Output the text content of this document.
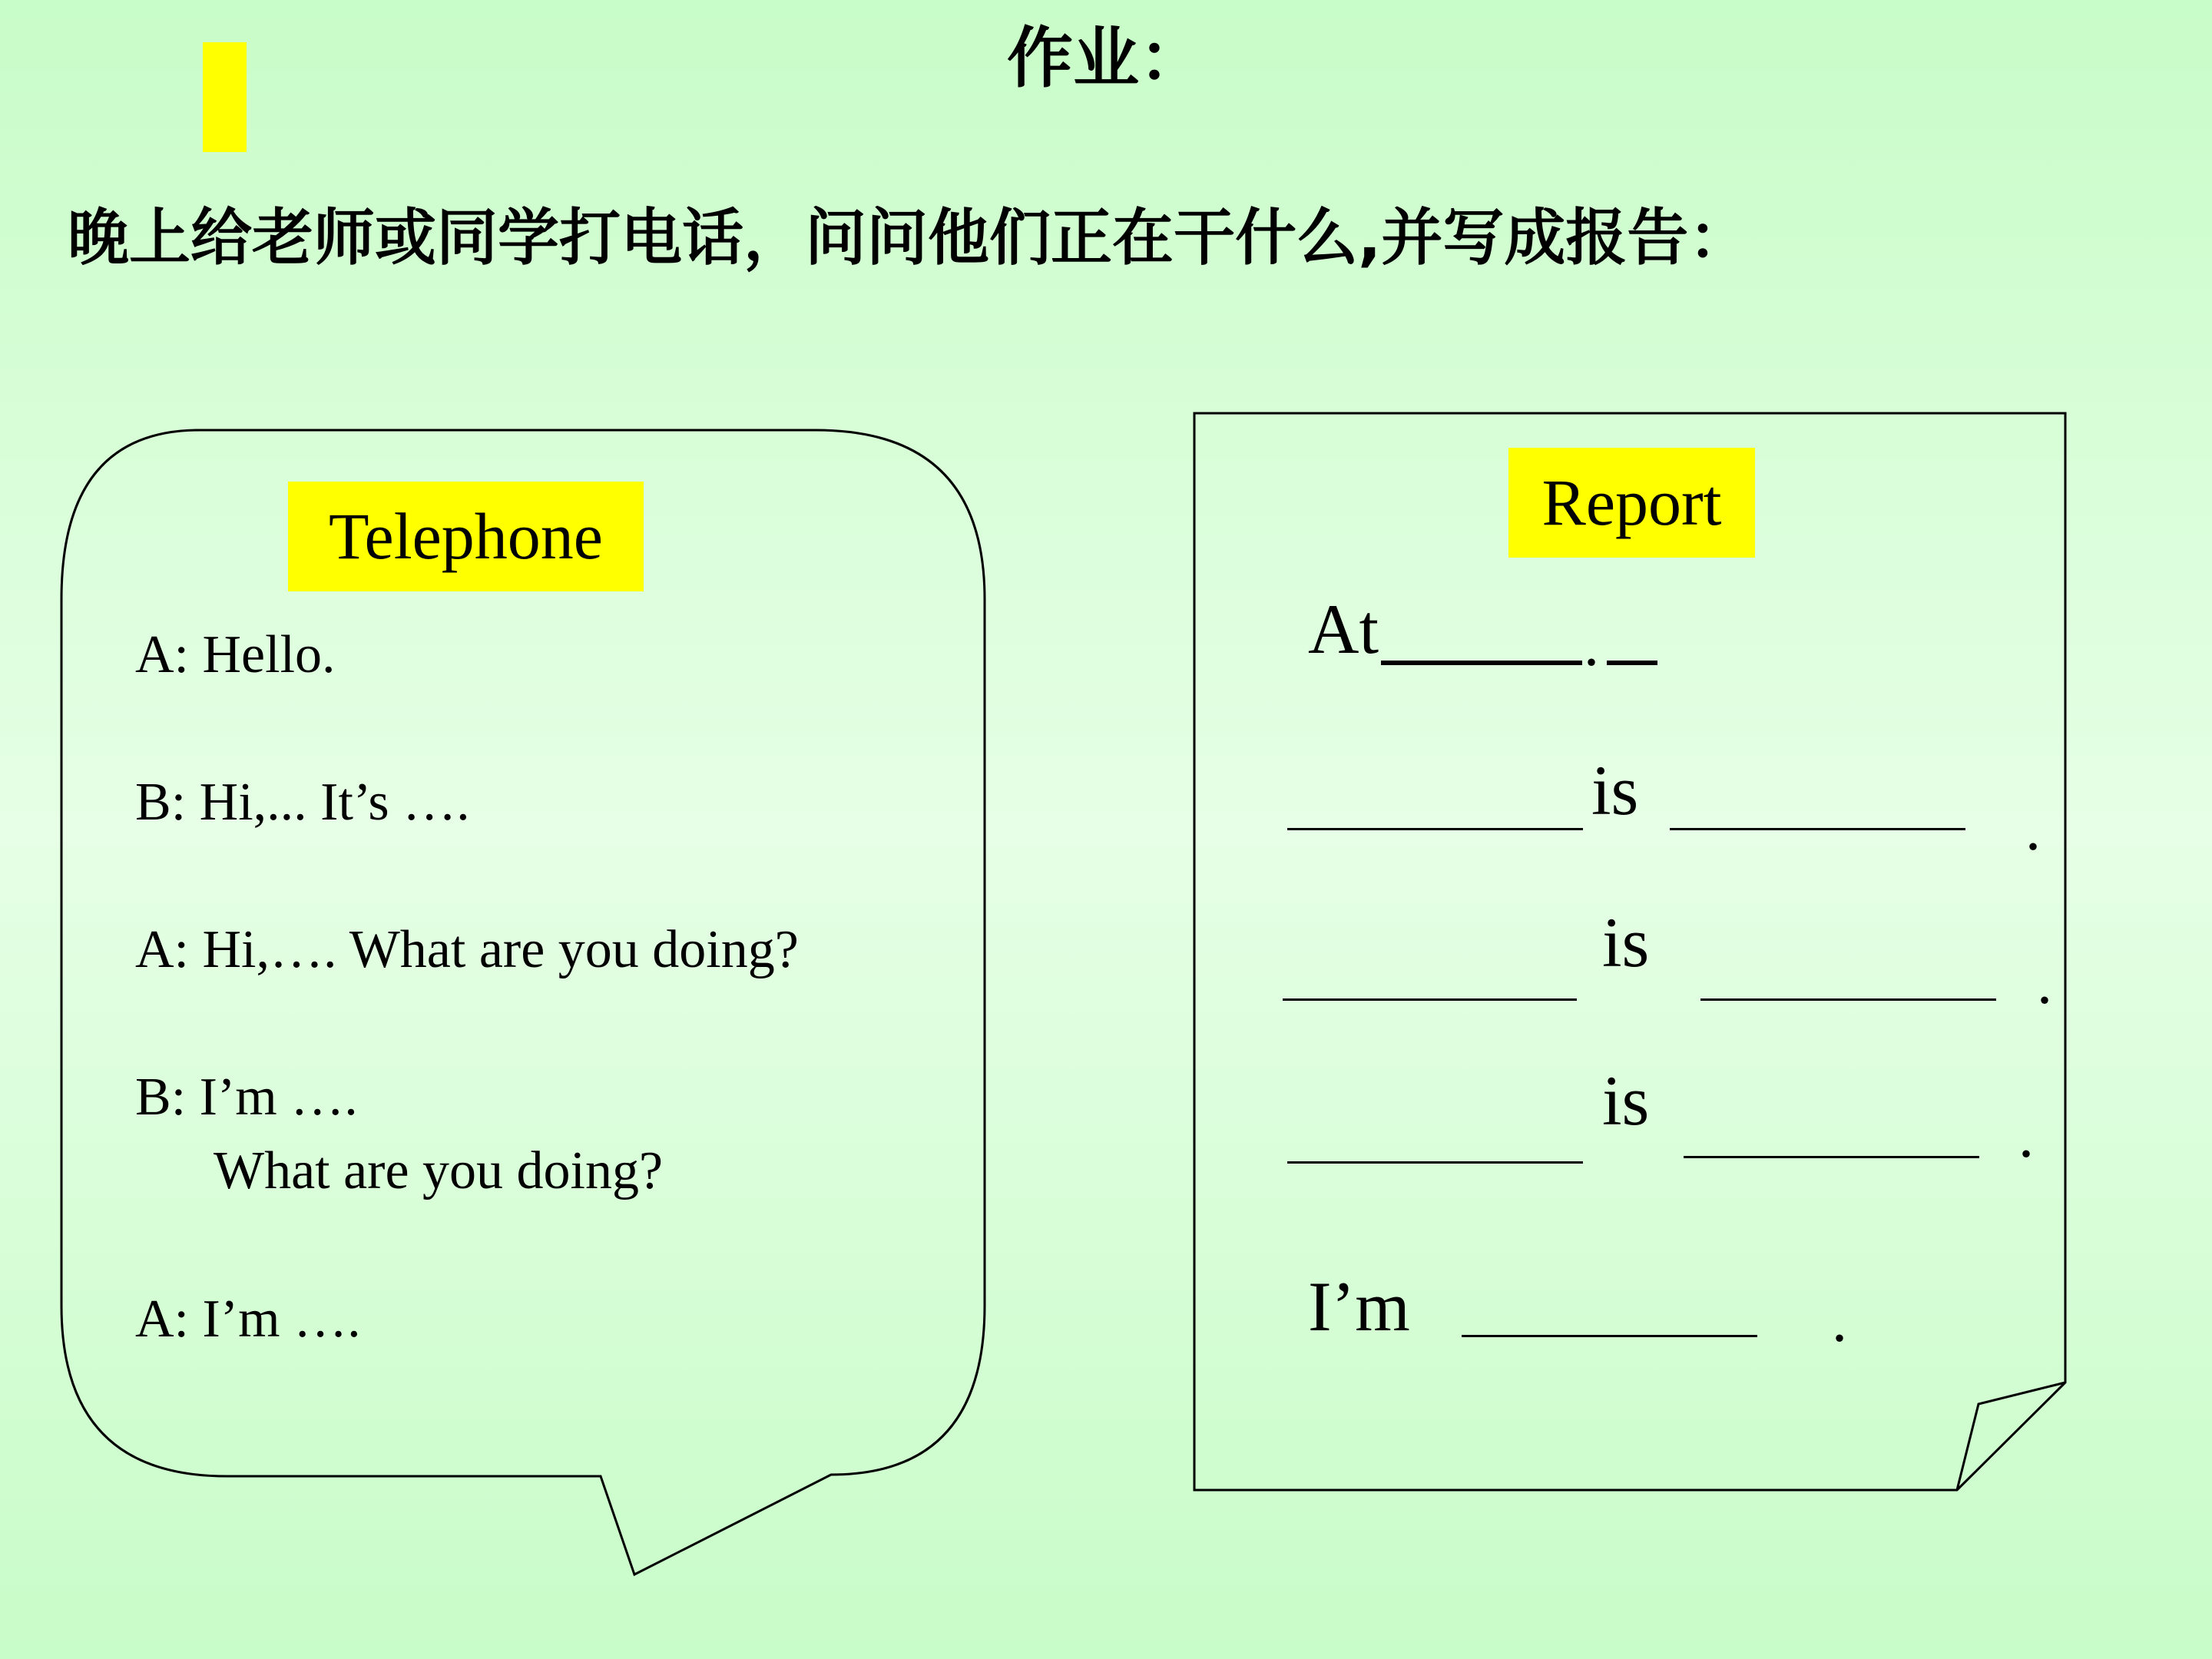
作业：
晚上给老师或同学打电话，问问他们正在干什么,并写成报告：
Telephone
A: Hello.
B: Hi,... It’s ….
A: Hi,…. What are you doing?
B: I’m ….
What are you doing?
A: I’m ….
Report
At	.
is	.
is
.
is	.
I’m	.
